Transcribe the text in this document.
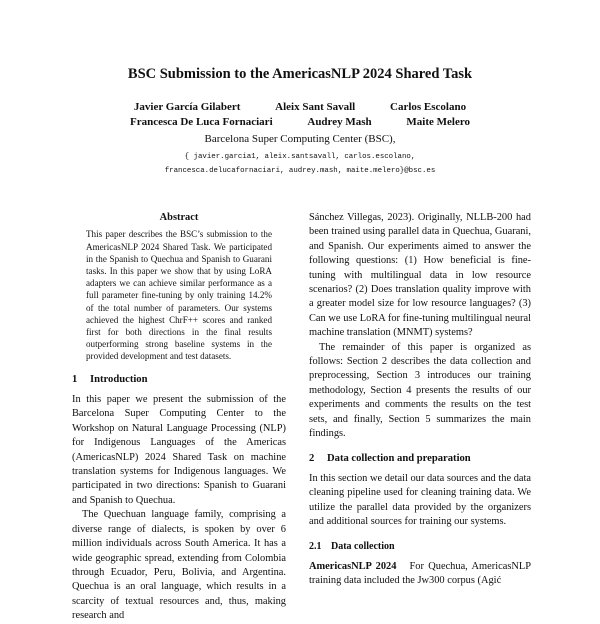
BSC Submission to the AmericasNLP 2024 Shared Task
Javier García Gilabert	Aleix Sant Savall	Carlos Escolano
Francesca De Luca Fornaciari	Audrey Mash	Maite Melero
Barcelona Super Computing Center (BSC),
{ javier.garcia1, aleix.santsavall, carlos.escolano,
francesca.delucafornaciari, audrey.mash, maite.melero}@bsc.es
Abstract
This paper describes the BSC’s submission to the AmericasNLP 2024 Shared Task. We participated in the Spanish to Quechua and Spanish to Guarani tasks. In this paper we show that by using LoRA adapters we can achieve similar performance as a full parameter fine-tuning by only training 14.2% of the total number of parameters. Our systems achieved the highest ChrF++ scores and ranked first for both directions in the final results outperforming strong baseline systems in the provided development and test datasets.
1 Introduction

In this paper we present the submission of the Barcelona Super Computing Center to the Workshop on Natural Language Processing (NLP) for Indigenous Languages of the Americas (AmericasNLP) 2024 Shared Task on machine translation systems for Indigenous languages. We participated in two directions: Spanish to Guarani and Spanish to Quechua.

The Quechuan language family, comprising a diverse range of dialects, is spoken by over 6 million individuals across South America. It has a wide geographic spread, extending from Colombia through Ecuador, Peru, Bolivia, and Argentina. Quechua is an oral language, which results in a scarcity of textual resources and, thus, making research and

Sánchez Villegas, 2023). Originally, NLLB-200 had been trained using parallel data in Quechua, Guarani, and Spanish. Our experiments aimed to answer the following questions: (1) How beneficial is fine-tuning with multilingual data in low resource scenarios? (2) Does translation quality improve with a greater model size for low resource languages? (3) Can we use LoRA for fine-tuning multilingual neural machine translation (MNMT) systems?

The remainder of this paper is organized as follows: Section 2 describes the data collection and preprocessing, Section 3 introduces our training methodology, Section 4 presents the results of our experiments and comments the results on the test sets, and finally, Section 5 summarizes the main findings.

2 Data collection and preparation

In this section we detail our data sources and the data cleaning pipeline used for cleaning training data. We utilize the parallel data provided by the organizers and additional sources for training our systems.

2.1 Data collection

AmericasNLP 2024 For Quechua, AmericasNLP training data included the Jw300 corpus (Agić
